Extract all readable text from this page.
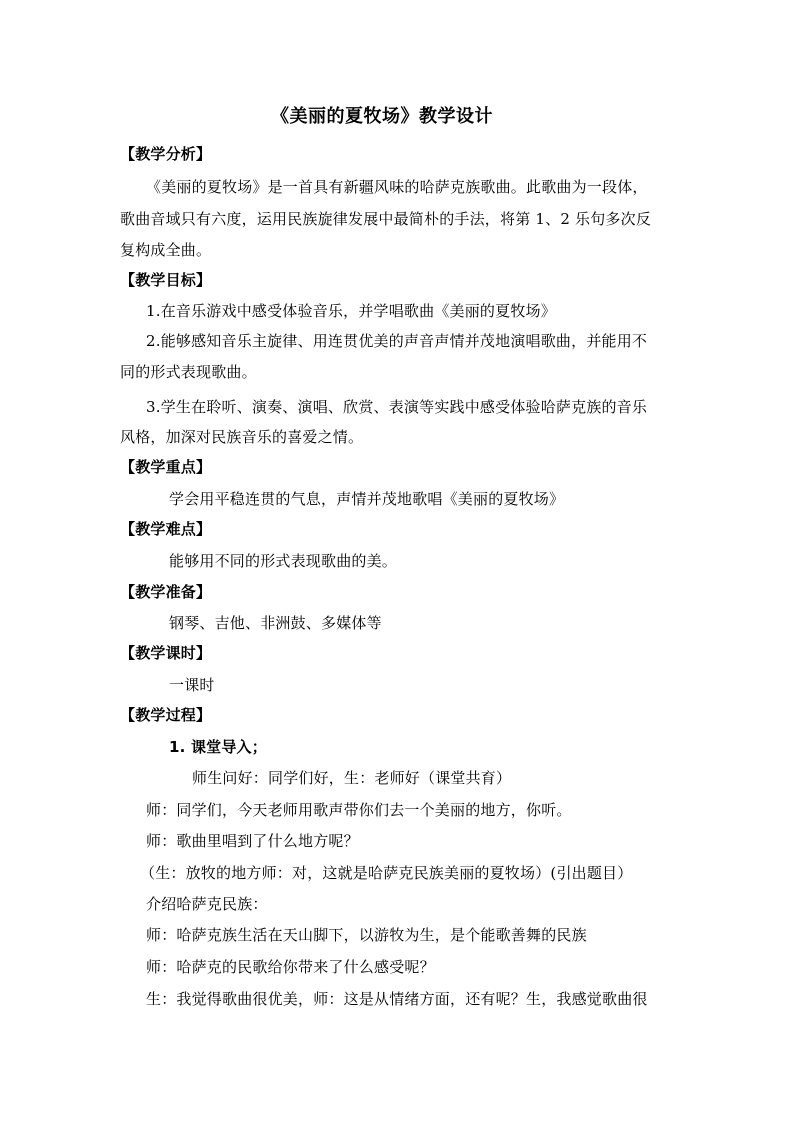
《美丽的夏牧场》教学设计
【教学分析】
《美丽的夏牧场》是一首具有新疆风味的哈萨克族歌曲。此歌曲为一段体，
歌曲音域只有六度，运用民族旋律发展中最简朴的手法，将第 1、2 乐句多次反
复构成全曲。
【教学目标】
1.在音乐游戏中感受体验音乐，并学唱歌曲《美丽的夏牧场》
2.能够感知音乐主旋律、用连贯优美的声音声情并茂地演唱歌曲，并能用不
同的形式表现歌曲。
3.学生在聆听、演奏、演唱、欣赏、表演等实践中感受体验哈萨克族的音乐
风格，加深对民族音乐的喜爱之情。
【教学重点】
学会用平稳连贯的气息，声情并茂地歌唱《美丽的夏牧场》
【教学难点】
能够用不同的形式表现歌曲的美。
【教学准备】
钢琴、吉他、非洲鼓、多媒体等
【教学课时】
一课时
【教学过程】
1. 课堂导入；
师生问好：同学们好，生：老师好（课堂共育）
师：同学们，今天老师用歌声带你们去一个美丽的地方，你听。
师：歌曲里唱到了什么地方呢？
（生：放牧的地方师：对，这就是哈萨克民族美丽的夏牧场）(引出题目）
介绍哈萨克民族：
师：哈萨克族生活在天山脚下，以游牧为生，是个能歌善舞的民族
师：哈萨克的民歌给你带来了什么感受呢？
生：我觉得歌曲很优美，师：这是从情绪方面，还有呢？生，我感觉歌曲很
